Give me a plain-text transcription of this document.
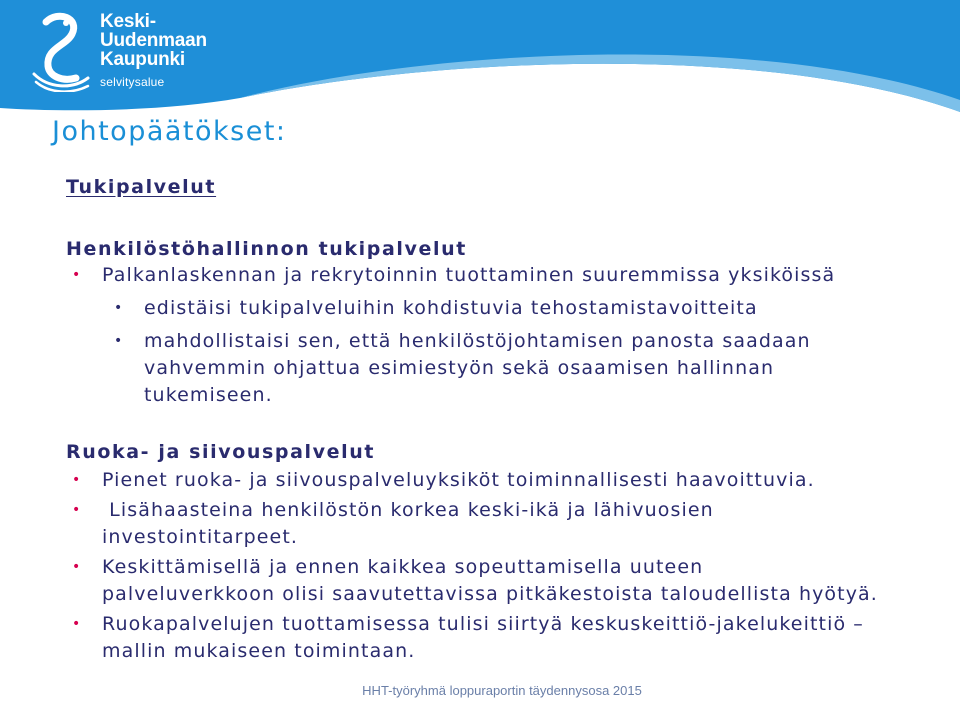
Keski-
Uudenmaan
Kaupunki
selvitysalue
Johtopäätökset:
Tukipalvelut
Henkilöstöhallinnon tukipalvelut
• Palkanlaskennan ja rekrytoinnin tuottaminen suuremmissa yksiköissä
• edistäisi tukipalveluihin kohdistuvia tehostamistavoitteita
• mahdollistaisi sen, että henkilöstöjohtamisen panosta saadaan
vahvemmin ohjattua esimiestyön sekä osaamisen hallinnan
tukemiseen.
Ruoka- ja siivouspalvelut
• Pienet ruoka- ja siivouspalveluyksiköt toiminnallisesti haavoittuvia.
• Lisähaasteina henkilöstön korkea keski-ikä ja lähivuosien
investointitarpeet.
• Keskittämisellä ja ennen kaikkea sopeuttamisella uuteen
palveluverkkoon olisi saavutettavissa pitkäkestoista taloudellista hyötyä.
• Ruokapalvelujen tuottamisessa tulisi siirtyä keskuskeittiö-jakelukeittiö –
mallin mukaiseen toimintaan.
HHT-työryhmä loppuraportin täydennysosa 2015
